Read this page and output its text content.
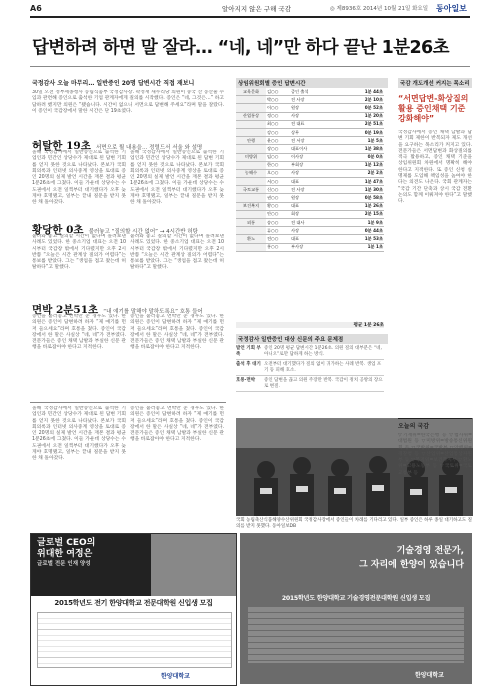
A6	알아지지 않은 구해 국감	◎ 제8936호 2014년 10월 21일 화요일 동아일보
답변하려 하면 말 잘라… “네, 네”만 하다 끝난 1분26초
국정감사 오늘 마무리… 일반증인 20명 답변시간 직접 재보니
30일 오전 정부세종청사 농림식품부 국정감사장. 곽정재 새누리당 의원이 중국 산 농산물 수입과 관련해 증인으로 출석한 기업 관계자에게 질의를 시작했다. 증인은 “네, 그것은…” 하고 답하려 했지만 의원은 “됐습니다. 시간이 없으니 서면으로 답변해 주세요”라며 말을 잘랐다. 이 증인이 국감장에서 말한 시간은 단 19초였다.
허탈한 19초 서면으로 뭘 내용을… 정렬드서 서울 와 설명
올해 국정감사에서 일반증인으로 출석한 기업인과 민간인 상당수가 제대로 된 답변 기회를 얻지 못한 것으로 나타났다. 본보가 국회 회의록과 인터넷 의사중계 영상을 토대로 증인 20명의 실제 발언 시간을 재본 결과 평균 1분26초에 그쳤다. 이들 가운데 상당수는 수도권에서 오전 일찍부터 대기했다가 오후 늦게야 호명됐고, 일부는 끝내 질문을 받지 못한 채 돌아갔다.
올해 국정감사에서 일반증인으로 출석한 기업인과 민간인 상당수가 제대로 된 답변 기회를 얻지 못한 것으로 나타났다. 본보가 국회 회의록과 인터넷 의사중계 영상을 토대로 증인 20명의 실제 발언 시간을 재본 결과 평균 1분26초에 그쳤다. 이들 가운데 상당수는 수도권에서 오전 일찍부터 대기했다가 오후 늦게야 호명됐고, 일부는 끝내 질문을 받지 못한 채 돌아갔다.
황당한 0초 불러놓고 “질의할 시간 없어” → 4시간반 허탕
불려와 놓고 질의할 시간이 없다며 돌려보낸 사례도 있었다. 한 중소기업 대표는 오전 10시부터 국감장 밖에서 기다렸지만 오후 2시 반쯤 “오늘은 시간 관계상 질의가 어렵다”는 통보를 받았다. 그는 “생업을 접고 왔는데 허탈하다”고 말했다.
불려와 놓고 질의할 시간이 없다며 돌려보낸 사례도 있었다. 한 중소기업 대표는 오전 10시부터 국감장 밖에서 기다렸지만 오후 2시 반쯤 “오늘은 시간 관계상 질의가 어렵다”는 통보를 받았다. 그는 “생업을 접고 왔는데 허탈하다”고 말했다.
면박 2분51초 “내 얘기를 말해야 말하도록요” 호통 들어
증인을 불러놓고 면박만 준 경우도 있다. 한 의원은 증인이 답변하려 하자 “제 얘기를 먼저 들으세요”라며 호통을 쳤다. 증인이 국감장에서 한 말은 사실상 “네, 네”가 전부였다. 전문가들은 증인 채택 남발과 부실한 신문 관행을 바로잡아야 한다고 지적한다.
증인을 불러놓고 면박만 준 경우도 있다. 한 의원은 증인이 답변하려 하자 “제 얘기를 먼저 들으세요”라며 호통을 쳤다. 증인이 국감장에서 한 말은 사실상 “네, 네”가 전부였다. 전문가들은 증인 채택 남발과 부실한 신문 관행을 바로잡아야 한다고 지적한다.
올해 국정감사에서 일반증인으로 출석한 기업인과 민간인 상당수가 제대로 된 답변 기회를 얻지 못한 것으로 나타났다. 본보가 국회 회의록과 인터넷 의사중계 영상을 토대로 증인 20명의 실제 발언 시간을 재본 결과 평균 1분26초에 그쳤다. 이들 가운데 상당수는 수도권에서 오전 일찍부터 대기했다가 오후 늦게야 호명됐고, 일부는 끝내 질문을 받지 못한 채 돌아갔다.
증인을 불러놓고 면박만 준 경우도 있다. 한 의원은 증인이 답변하려 하자 “제 얘기를 먼저 들으세요”라며 호통을 쳤다. 증인이 국감장에서 한 말은 사실상 “네, 네”가 전부였다. 전문가들은 증인 채택 남발과 부실한 신문 관행을 바로잡아야 한다고 지적한다.
상임위원회별 증인 답변시간
교육문화	김○○	증인 출석	1분 44초
	박○○	전 사장	2분 10초
	이○○	원장	0분 52초
산업통상	정○○	사장	1분 20초
	최○○	전 대표	2분 51초
	강○○	상무	0분 19초
안행	윤○○	전 서장	1분 5초
	장○○	대표이사	1분 38초
미방위	임○○	이사장	0분 0초
	한○○	부회장	1분 12초
농해수	오○○	사장	2분 2초
	서○○	대표	1분 47초
국토교통	신○○	전 사장	1분 30초
	권○○	원장	0분 58초
보건복지	황○○	대표	1분 26초
	안○○	회장	2분 15초
외통	송○○	전 대사	1분 9초
	류○○	사장	0분 44초
환노	전○○	대표	1분 53초
	홍○○	부사장	1분 1초
평균 1분 26초
국감 개도개선 커지는 목소리
“서면답변-화상질의 활용 증인채택 기준 강화해야”
국정감사에서 증인 채택 남발과 답변 기회 제한이 반복되자 제도 개선을 요구하는 목소리가 커지고 있다. 전문가들은 서면답변과 화상질의를 적극 활용하고, 증인 채택 기준을 상임위원회 차원에서 명확히 해야 한다고 지적한다. 또 증인 신청 실명제를 도입해 책임성을 높여야 한다는 의견도 나온다. 국회 관계자는 “국감 기간 단축과 상시 국감 전환 논의도 함께 이뤄져야 한다”고 말했다.
국정감사 일반증인 대상 신문의 주요 문제점
발언 기회 부족
증인 20명 평균 답변시간 1분26초. 의원 질의 대부분은 “네, 아니오”로만 답하게 하는 방식.
출석 후 대기 오전부터 대기했다가 질의 없이 귀가하는 사례 반복. 생업 포기 등 피해 호소.
호통·면박	증인 답변을 끊고 의원 주장만 반복. 국감이 정치 공방의 장으로 변질.
국회 농림축산식품해양수산위원회 국정감사장에서 증인들이 차례를 기다리고 있다. 일부 증인은 하루 종일 대기하고도 질의를 받지 못했다. 동아일보DB
오늘의 국감
▽기재위=한국은행 등 ▽법사위=대법원 등 ▽미방위=방송통신위원회 등 ▽국방위=국방부 ▽안행위=경찰청 등 ▽산업위=산업통상자원부 등 ▽복지위=보건복지부 ▽환노위=고용노동부 등 ▽국토위=국토교통부 등
글로벌 CEO의
위대한 여정은
글로벌 전문 인재 양성
2015학년도 전기 한양대학교 전문대학원 신입생 모집
한양대학교
기술경영 전문가,
그 자리에 한양이 있습니다
2015학년도 한양대학교 기술경영전문대학원 신입생 모집
한양대학교
